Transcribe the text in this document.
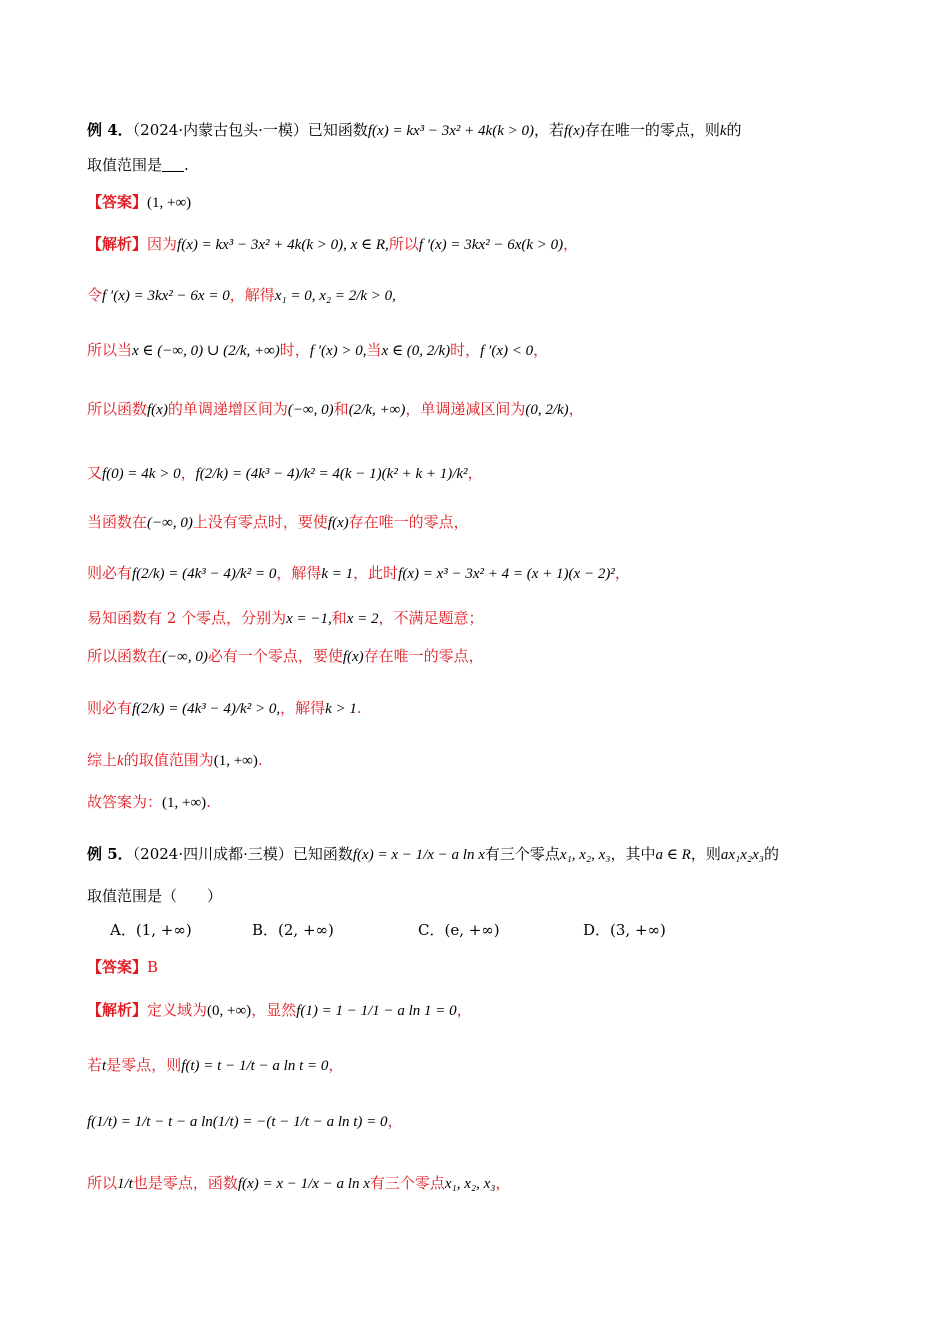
例 4．（2024·内蒙古包头·一模）已知函数f(x) = kx³ − 3x² + 4k(k > 0)，若f(x)存在唯一的零点，则k的
取值范围是 .
【答案】(1, +∞)
【解析】因为f(x) = kx³ − 3x² + 4k(k > 0), x ∈ R,所以f ′(x) = 3kx² − 6x(k > 0)，
令f ′(x) = 3kx² − 6x = 0，解得x₁ = 0, x₂ = 2/k > 0,
所以当x ∈ (−∞, 0) ∪ (2/k, +∞)时，f ′(x) > 0,当x ∈ (0, 2/k)时，f ′(x) < 0，
所以函数f(x)的单调递增区间为(−∞, 0)和(2/k, +∞)，单调递减区间为(0, 2/k)，
又f(0) = 4k > 0，f(2/k) = (4k³ − 4)/k² = 4(k − 1)(k² + k + 1)/k²，
当函数在(−∞, 0)上没有零点时，要使f(x)存在唯一的零点，
则必有f(2/k) = (4k³ − 4)/k² = 0，解得k = 1，此时f(x) = x³ − 3x² + 4 = (x + 1)(x − 2)²，
易知函数有 2 个零点，分别为x = −1,和x = 2，不满足题意；
所以函数在(−∞, 0)必有一个零点，要使f(x)存在唯一的零点，
则必有f(2/k) = (4k³ − 4)/k² > 0,，解得k > 1.
综上k的取值范围为(1, +∞).
故答案为：(1, +∞).
例 5．（2024·四川成都·三模）已知函数f(x) = x − 1/x − a ln x有三个零点x₁, x₂, x₃，其中a ∈ R，则ax₁x₂x₃的
取值范围是（　　）
A．(1, +∞)	B．(2, +∞)	C．(e, +∞)	D．(3, +∞)
【答案】B
【解析】定义域为(0, +∞)，显然f(1) = 1 − 1/1 − a ln 1 = 0，
若t是零点，则f(t) = t − 1/t − a ln t = 0，
f(1/t) = 1/t − t − a ln(1/t) = −(t − 1/t − a ln t) = 0，
所以1/t也是零点，函数f(x) = x − 1/x − a ln x有三个零点x₁, x₂, x₃，
